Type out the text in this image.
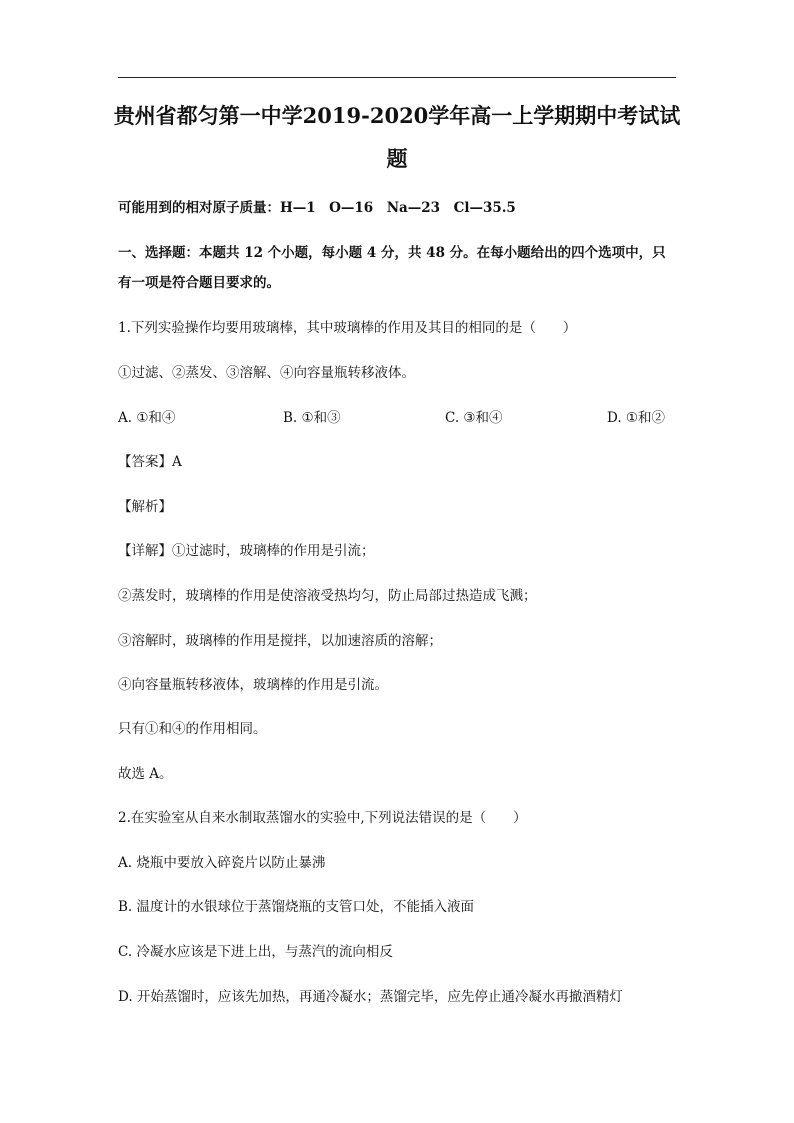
贵州省都匀第一中学2019-2020学年高一上学期期中考试试
题
可能用到的相对原子质量：H—1　O—16　Na—23　Cl—35.5
一、选择题：本题共 12 个小题，每小题 4 分，共 48 分。在每小题给出的四个选项中，只
有一项是符合题目要求的。
1.下列实验操作均要用玻璃棒，其中玻璃棒的作用及其目的相同的是（　　）
①过滤、②蒸发、③溶解、④向容量瓶转移液体。
A. ①和④	B. ①和③	C. ③和④	D. ①和②
【答案】A
【解析】
【详解】①过滤时，玻璃棒的作用是引流；
②蒸发时，玻璃棒的作用是使溶液受热均匀，防止局部过热造成飞溅；
③溶解时，玻璃棒的作用是搅拌，以加速溶质的溶解；
④向容量瓶转移液体，玻璃棒的作用是引流。
只有①和④的作用相同。
故选 A。
2.在实验室从自来水制取蒸馏水的实验中,下列说法错误的是（　　）
A. 烧瓶中要放入碎瓷片以防止暴沸
B. 温度计的水银球位于蒸馏烧瓶的支管口处，不能插入液面
C. 冷凝水应该是下进上出，与蒸汽的流向相反
D. 开始蒸馏时，应该先加热，再通冷凝水；蒸馏完毕，应先停止通冷凝水再撤酒精灯
